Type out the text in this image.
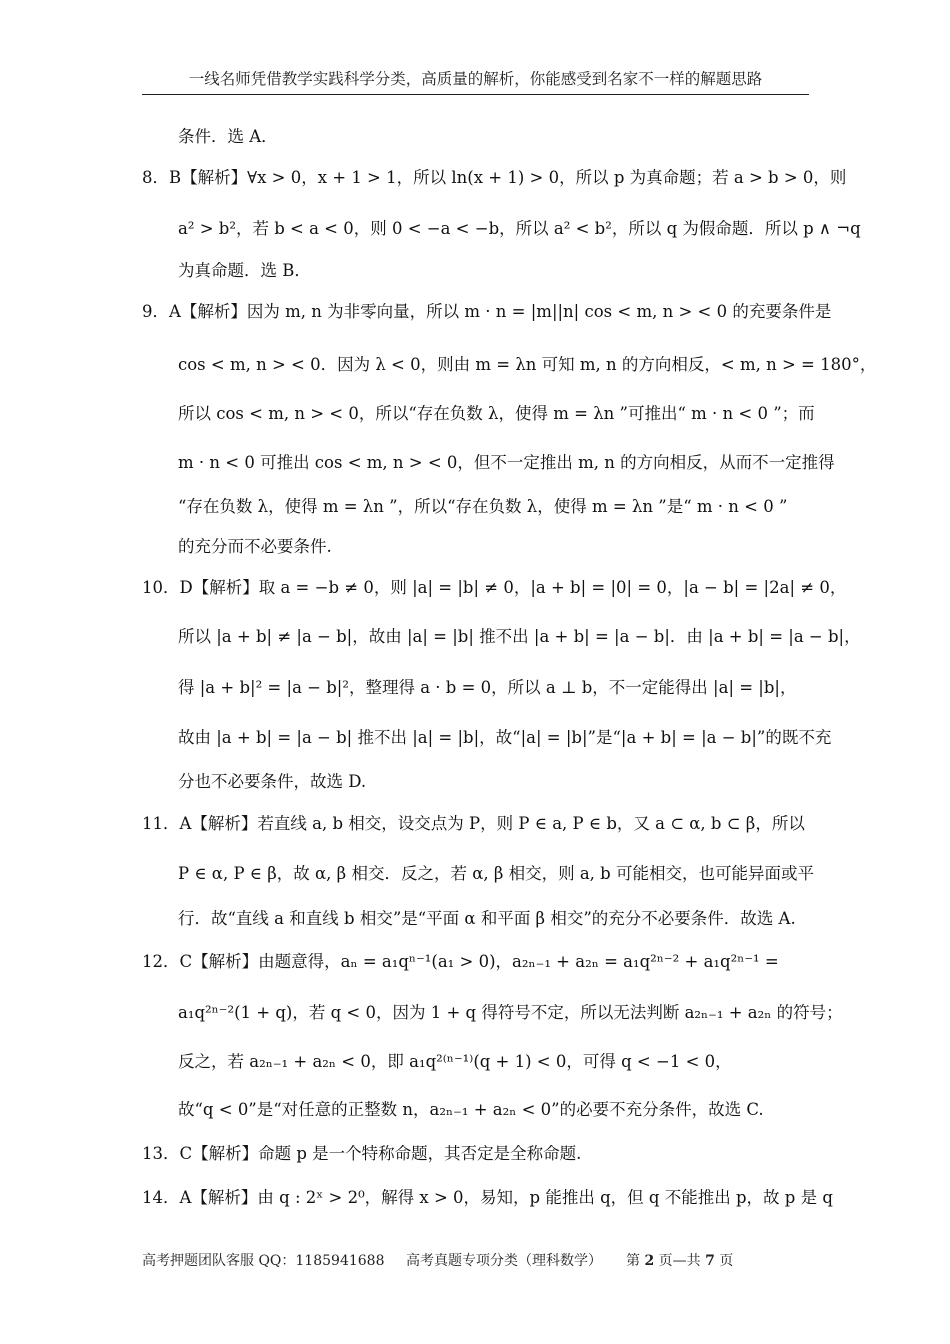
一线名师凭借教学实践科学分类，高质量的解析，你能感受到名家不一样的解题思路
条件．选 A．
8．B【解析】∀x > 0，x + 1 > 1，所以 ln(x + 1) > 0，所以 p 为真命题；若 a > b > 0，则
a² > b²，若 b < a < 0，则 0 < −a < −b，所以 a² < b²，所以 q 为假命题．所以 p ∧ ¬q
为真命题．选 B．
9．A【解析】因为 m, n 为非零向量，所以 m · n = |m||n| cos < m, n > < 0 的充要条件是
cos < m, n > < 0．因为 λ < 0，则由 m = λn 可知 m, n 的方向相反，< m, n > = 180°，
所以 cos < m, n > < 0，所以“存在负数 λ，使得 m = λn ”可推出“ m · n < 0 ”；而
m · n < 0 可推出 cos < m, n > < 0，但不一定推出 m, n 的方向相反，从而不一定推得
“存在负数 λ，使得 m = λn ”，所以“存在负数 λ，使得 m = λn ”是“ m · n < 0 ”
的充分而不必要条件.
10．D【解析】取 a = −b ≠ 0，则 |a| = |b| ≠ 0，|a + b| = |0| = 0，|a − b| = |2a| ≠ 0，
所以 |a + b| ≠ |a − b|，故由 |a| = |b| 推不出 |a + b| = |a − b|．由 |a + b| = |a − b|，
得 |a + b|² = |a − b|²，整理得 a · b = 0，所以 a ⊥ b，不一定能得出 |a| = |b|，
故由 |a + b| = |a − b| 推不出 |a| = |b|，故“|a| = |b|”是“|a + b| = |a − b|”的既不充
分也不必要条件，故选 D.
11．A【解析】若直线 a, b 相交，设交点为 P，则 P ∈ a, P ∈ b，又 a ⊂ α, b ⊂ β，所以
P ∈ α, P ∈ β，故 α, β 相交．反之，若 α, β 相交，则 a, b 可能相交，也可能异面或平
行．故“直线 a 和直线 b 相交”是“平面 α 和平面 β 相交”的充分不必要条件．故选 A.
12．C【解析】由题意得，aₙ = a₁qⁿ⁻¹(a₁ > 0)，a₂ₙ₋₁ + a₂ₙ = a₁q²ⁿ⁻² + a₁q²ⁿ⁻¹ =
a₁q²ⁿ⁻²(1 + q)，若 q < 0，因为 1 + q 得符号不定，所以无法判断 a₂ₙ₋₁ + a₂ₙ 的符号；
反之，若 a₂ₙ₋₁ + a₂ₙ < 0，即 a₁q²⁽ⁿ⁻¹⁾(q + 1) < 0，可得 q < −1 < 0，
故“q < 0”是“对任意的正整数 n，a₂ₙ₋₁ + a₂ₙ < 0”的必要不充分条件，故选 C.
13．C【解析】命题 p 是一个特称命题，其否定是全称命题.
14．A【解析】由 q : 2ˣ > 2⁰，解得 x > 0，易知，p 能推出 q，但 q 不能推出 p，故 p 是 q
高考押题团队客服 QQ：1185941688 高考真题专项分类（理科数学） 第 2 页—共 7 页
